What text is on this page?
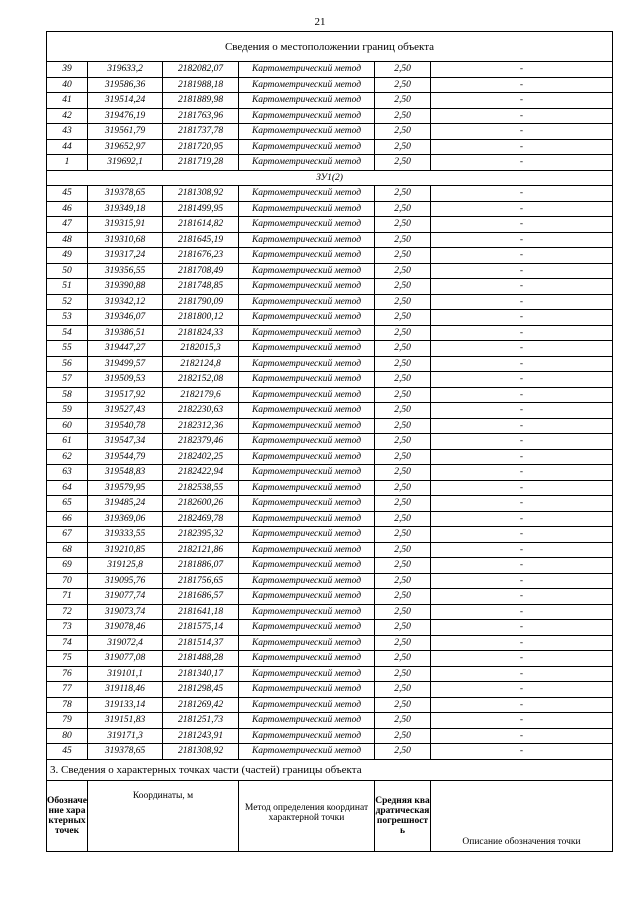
21
Сведения о местоположении границ объекта					
39	319633,2	2182082,07	Картометрический метод	2,50	-
40	319586,36	2181988,18	Картометрический метод	2,50	-
41	319514,24	2181889,98	Картометрический метод	2,50	-
42	319476,19	2181763,96	Картометрический метод	2,50	-
43	319561,79	2181737,78	Картометрический метод	2,50	-
44	319652,97	2181720,95	Картометрический метод	2,50	-
1	319692,1	2181719,28	Картометрический метод	2,50	-
ЗУ1(2)					
45	319378,65	2181308,92	Картометрический метод	2,50	-
46	319349,18	2181499,95	Картометрический метод	2,50	-
47	319315,91	2181614,82	Картометрический метод	2,50	-
48	319310,68	2181645,19	Картометрический метод	2,50	-
49	319317,24	2181676,23	Картометрический метод	2,50	-
50	319356,55	2181708,49	Картометрический метод	2,50	-
51	319390,88	2181748,85	Картометрический метод	2,50	-
52	319342,12	2181790,09	Картометрический метод	2,50	-
53	319346,07	2181800,12	Картометрический метод	2,50	-
54	319386,51	2181824,33	Картометрический метод	2,50	-
55	319447,27	2182015,3	Картометрический метод	2,50	-
56	319499,57	2182124,8	Картометрический метод	2,50	-
57	319509,53	2182152,08	Картометрический метод	2,50	-
58	319517,92	2182179,6	Картометрический метод	2,50	-
59	319527,43	2182230,63	Картометрический метод	2,50	-
60	319540,78	2182312,36	Картометрический метод	2,50	-
61	319547,34	2182379,46	Картометрический метод	2,50	-
62	319544,79	2182402,25	Картометрический метод	2,50	-
63	319548,83	2182422,94	Картометрический метод	2,50	-
64	319579,95	2182538,55	Картометрический метод	2,50	-
65	319485,24	2182600,26	Картометрический метод	2,50	-
66	319369,06	2182469,78	Картометрический метод	2,50	-
67	319333,55	2182395,32	Картометрический метод	2,50	-
68	319210,85	2182121,86	Картометрический метод	2,50	-
69	319125,8	2181886,07	Картометрический метод	2,50	-
70	319095,76	2181756,65	Картометрический метод	2,50	-
71	319077,74	2181686,57	Картометрический метод	2,50	-
72	319073,74	2181641,18	Картометрический метод	2,50	-
73	319078,46	2181575,14	Картометрический метод	2,50	-
74	319072,4	2181514,37	Картометрический метод	2,50	-
75	319077,08	2181488,28	Картометрический метод	2,50	-
76	319101,1	2181340,17	Картометрический метод	2,50	-
77	319118,46	2181298,45	Картометрический метод	2,50	-
78	319133,14	2181269,42	Картометрический метод	2,50	-
79	319151,83	2181251,73	Картометрический метод	2,50	-
80	319171,3	2181243,91	Картометрический метод	2,50	-
45	319378,65	2181308,92	Картометрический метод	2,50	-
3. Сведения о характерных точках части (частей) границы объекта					
Обозначение характерных точек	Координаты, м		Метод определения координат характерной точки	Средняя квадратическая погрешность	Описание обозначения точки
